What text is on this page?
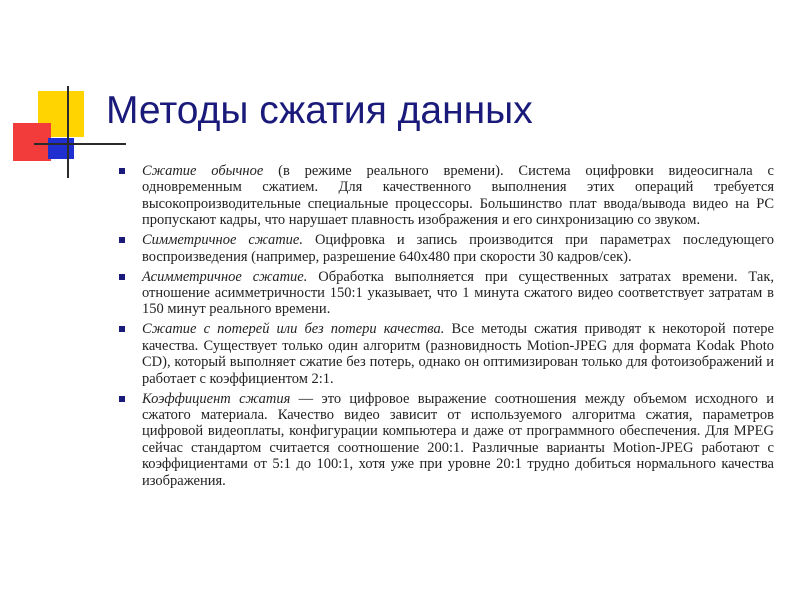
Методы сжатия данных
Сжатие обычное (в режиме реального времени). Система оцифровки видеосигнала с одновременным сжатием. Для качественного выполнения этих операций требуется высокопроизводительные специальные процессоры. Большинство плат ввода/вывода видео на PC пропускают кадры, что нарушает плавность изображения и его синхронизацию со звуком.
Симметричное сжатие. Оцифровка и запись производится при параметрах последующего воспроизведения (например, разрешение 640х480 при скорости 30 кадров/сек).
Асимметричное сжатие. Обработка выполняется при существенных затратах времени. Так, отношение асимметричности 150:1 указывает, что 1 минута сжатого видео соответствует затратам в 150 минут реального времени.
Сжатие с потерей или без потери качества. Все методы сжатия приводят к некоторой потере качества. Существует только один алгоритм (разновидность Motion-JPEG для формата Kodak Photo CD), который выполняет сжатие без потерь, однако он оптимизирован только для фотоизображений и работает с коэффициентом 2:1.
Коэффициент сжатия — это цифровое выражение соотношения между объемом исходного и сжатого материала. Качество видео зависит от используемого алгоритма сжатия, параметров цифровой видеоплаты, конфигурации компьютера и даже от программного обеспечения. Для MPEG сейчас стандартом считается соотношение 200:1. Различные варианты Motion-JPEG работают с коэффициентами от 5:1 до 100:1, хотя уже при уровне 20:1 трудно добиться нормального качества изображения.
